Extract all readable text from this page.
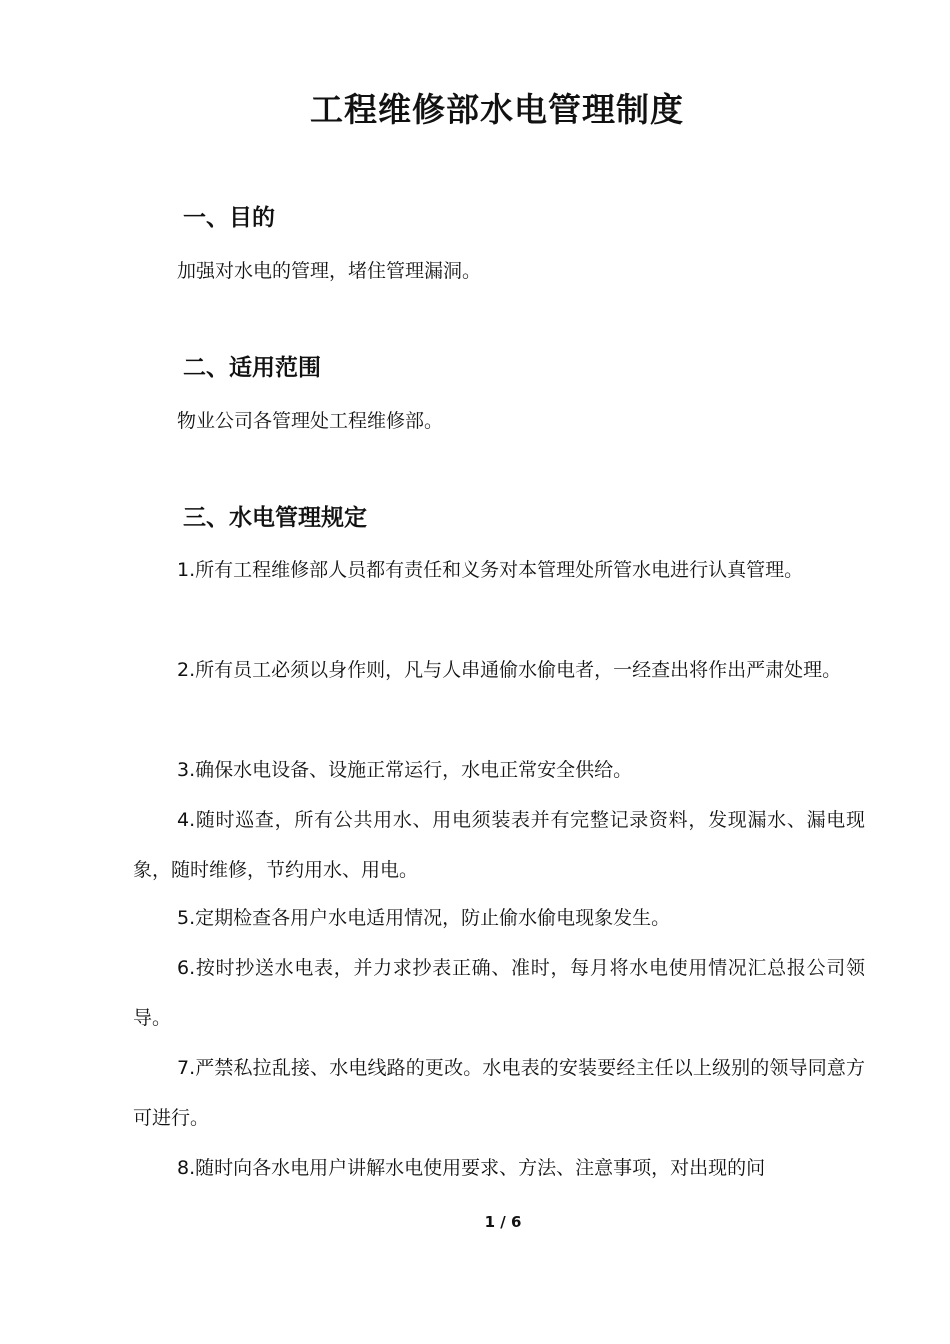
工程维修部水电管理制度
一、目的

加强对水电的管理，堵住管理漏洞。

二、适用范围

物业公司各管理处工程维修部。

三、水电管理规定

1.所有工程维修部人员都有责任和义务对本管理处所管水电进行认真管理。

2.所有员工必须以身作则，凡与人串通偷水偷电者，一经查出将作出严肃处理。

3.确保水电设备、设施正常运行，水电正常安全供给。

4.随时巡查，所有公共用水、用电须装表并有完整记录资料，发现漏水、漏电现象，随时维修，节约用水、用电。

5.定期检查各用户水电适用情况，防止偷水偷电现象发生。

6.按时抄送水电表，并力求抄表正确、准时，每月将水电使用情况汇总报公司领导。

7.严禁私拉乱接、水电线路的更改。水电表的安装要经主任以上级别的领导同意方可进行。

8.随时向各水电用户讲解水电使用要求、方法、注意事项，对出现的问

1 / 6
